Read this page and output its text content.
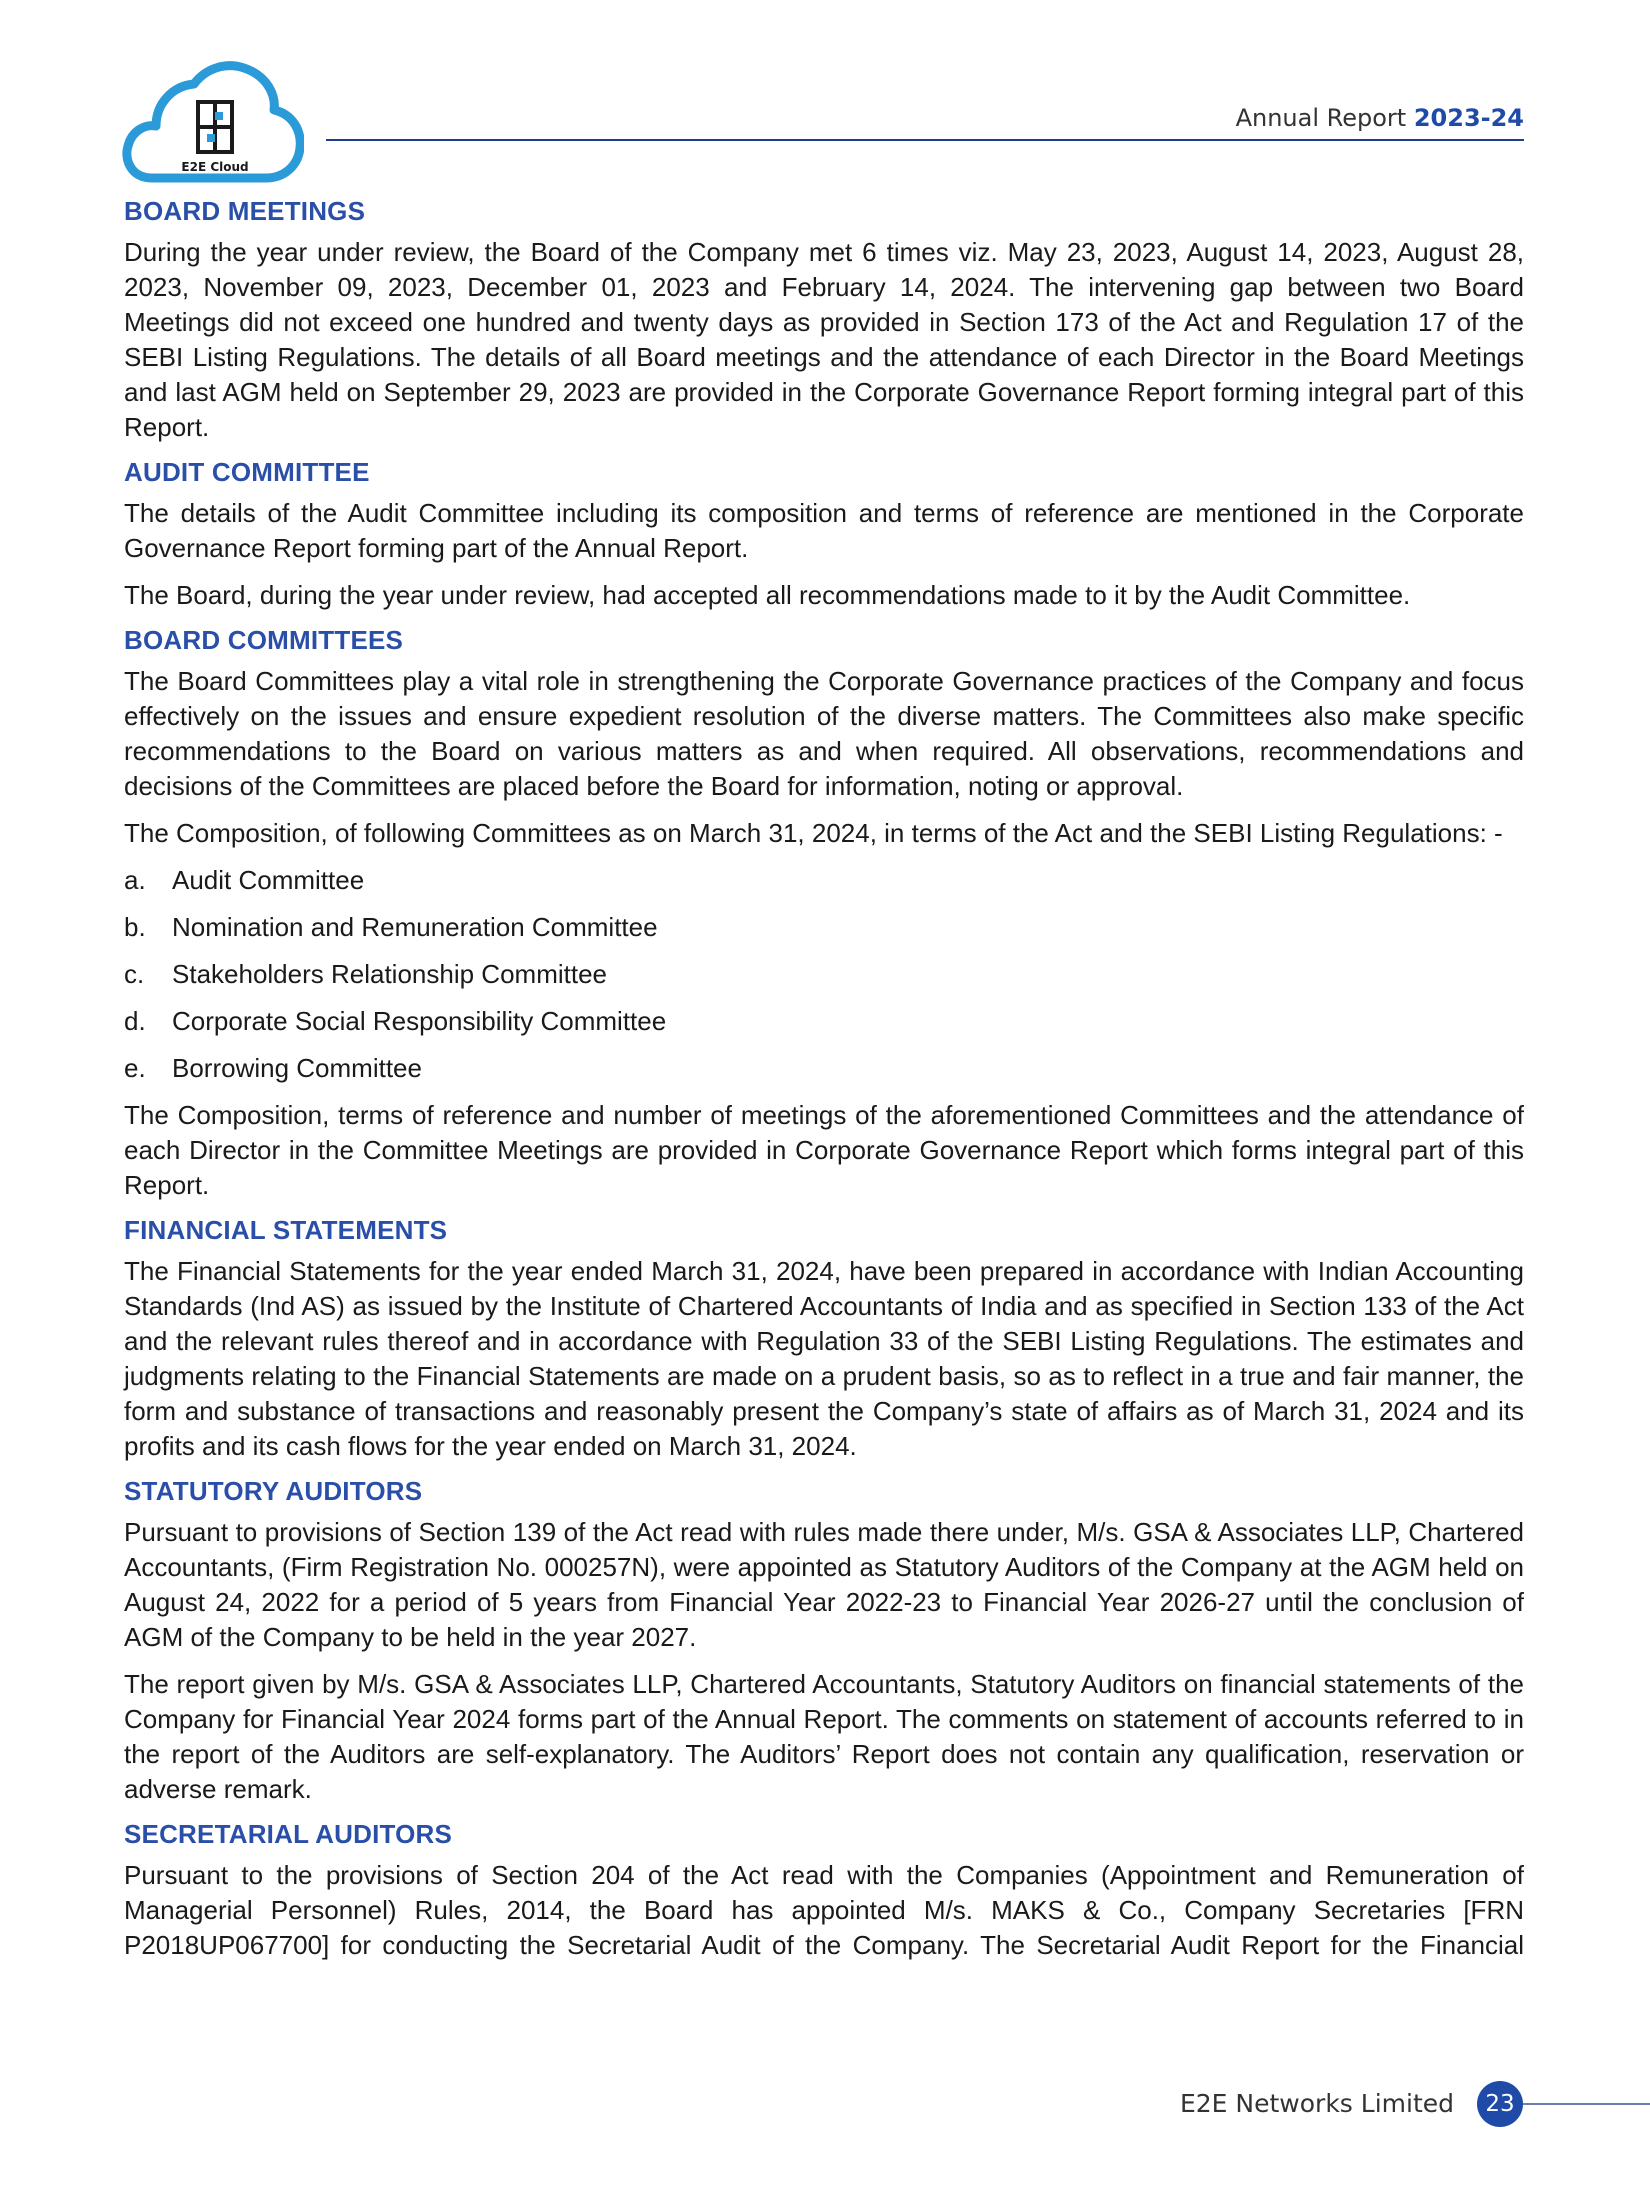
E2E Cloud
Annual Report 2023-24
BOARD MEETINGS

During the year under review, the Board of the Company met 6 times viz. May 23, 2023, August 14, 2023, August 28, 2023, November 09, 2023, December 01, 2023 and February 14, 2024. The intervening gap between two Board Meetings did not exceed one hundred and twenty days as provided in Section 173 of the Act and Regulation 17 of the SEBI Listing Regulations. The details of all Board meetings and the attendance of each Director in the Board Meetings and last AGM held on September 29, 2023 are provided in the Corporate Governance Report forming integral part of this Report.

AUDIT COMMITTEE

The details of the Audit Committee including its composition and terms of reference are mentioned in the Corporate Governance Report forming part of the Annual Report.

The Board, during the year under review, had accepted all recommendations made to it by the Audit Committee.

BOARD COMMITTEES

The Board Committees play a vital role in strengthening the Corporate Governance practices of the Company and focus effectively on the issues and ensure expedient resolution of the diverse matters. The Committees also make specific recommendations to the Board on various matters as and when required. All observations, recommendations and decisions of the Committees are placed before the Board for information, noting or approval.

The Composition, of following Committees as on March 31, 2024, in terms of the Act and the SEBI Listing Regulations: -

a.	Audit Committee
b.	Nomination and Remuneration Committee
c.	Stakeholders Relationship Committee
d.	Corporate Social Responsibility Committee
e.	Borrowing Committee

The Composition, terms of reference and number of meetings of the aforementioned Committees and the attendance of each Director in the Committee Meetings are provided in Corporate Governance Report which forms integral part of this Report.

FINANCIAL STATEMENTS

The Financial Statements for the year ended March 31, 2024, have been prepared in accordance with Indian Accounting Standards (Ind AS) as issued by the Institute of Chartered Accountants of India and as specified in Section 133 of the Act and the relevant rules thereof and in accordance with Regulation 33 of the SEBI Listing Regulations. The estimates and judgments relating to the Financial Statements are made on a prudent basis, so as to reflect in a true and fair manner, the form and substance of transactions and reasonably present the Company’s state of affairs as of March 31, 2024 and its profits and its cash flows for the year ended on March 31, 2024.

STATUTORY AUDITORS

Pursuant to provisions of Section 139 of the Act read with rules made there under, M/s. GSA & Associates LLP, Chartered Accountants, (Firm Registration No. 000257N), were appointed as Statutory Auditors of the Company at the AGM held on August 24, 2022 for a period of 5 years from Financial Year 2022-23 to Financial Year 2026-27 until the conclusion of AGM of the Company to be held in the year 2027.

The report given by M/s. GSA & Associates LLP, Chartered Accountants, Statutory Auditors on financial statements of the Company for Financial Year 2024 forms part of the Annual Report. The comments on statement of accounts referred to in the report of the Auditors are self-explanatory. The Auditors’ Report does not contain any qualification, reservation or adverse remark.

SECRETARIAL AUDITORS

Pursuant to the provisions of Section 204 of the Act read with the Companies (Appointment and Remuneration of Managerial Personnel) Rules, 2014, the Board has appointed M/s. MAKS & Co., Company Secretaries [FRN P2018UP067700] for conducting the Secretarial Audit of the Company. The Secretarial Audit Report for the Financial

E2E Networks Limited	23
